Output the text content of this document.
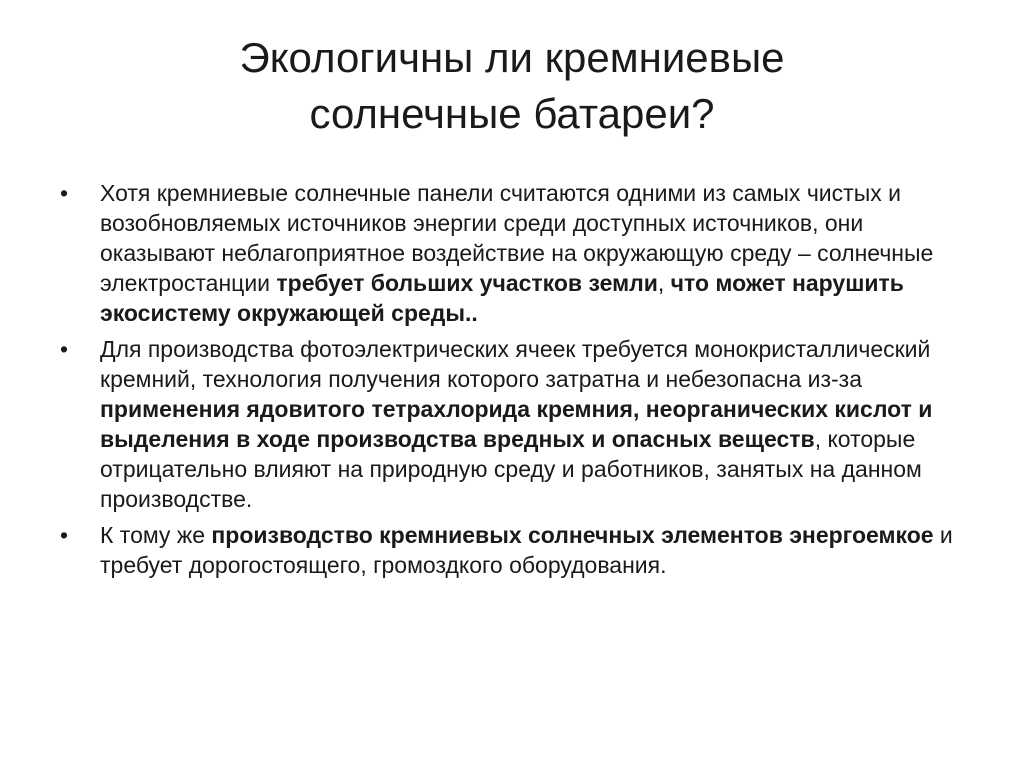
Экологичны ли кремниевые
солнечные батареи?
•	Хотя кремниевые солнечные панели считаются одними из самых чистых и возобновляемых источников энергии среди доступных источников, они оказывают неблагоприятное воздействие на окружающую среду – солнечные электростанции требует больших участков земли, что может нарушить экосистему окружающей среды..
•	Для производства фотоэлектрических ячеек требуется монокристаллический кремний, технология получения которого затратна и небезопасна из-за применения ядовитого тетрахлорида кремния, неорганических кислот и выделения в ходе производства вредных и опасных веществ, которые отрицательно влияют на природную среду и работников, занятых на данном производстве.
•	К тому же производство кремниевых солнечных элементов энергоемкое и требует дорогостоящего, громоздкого оборудования.
